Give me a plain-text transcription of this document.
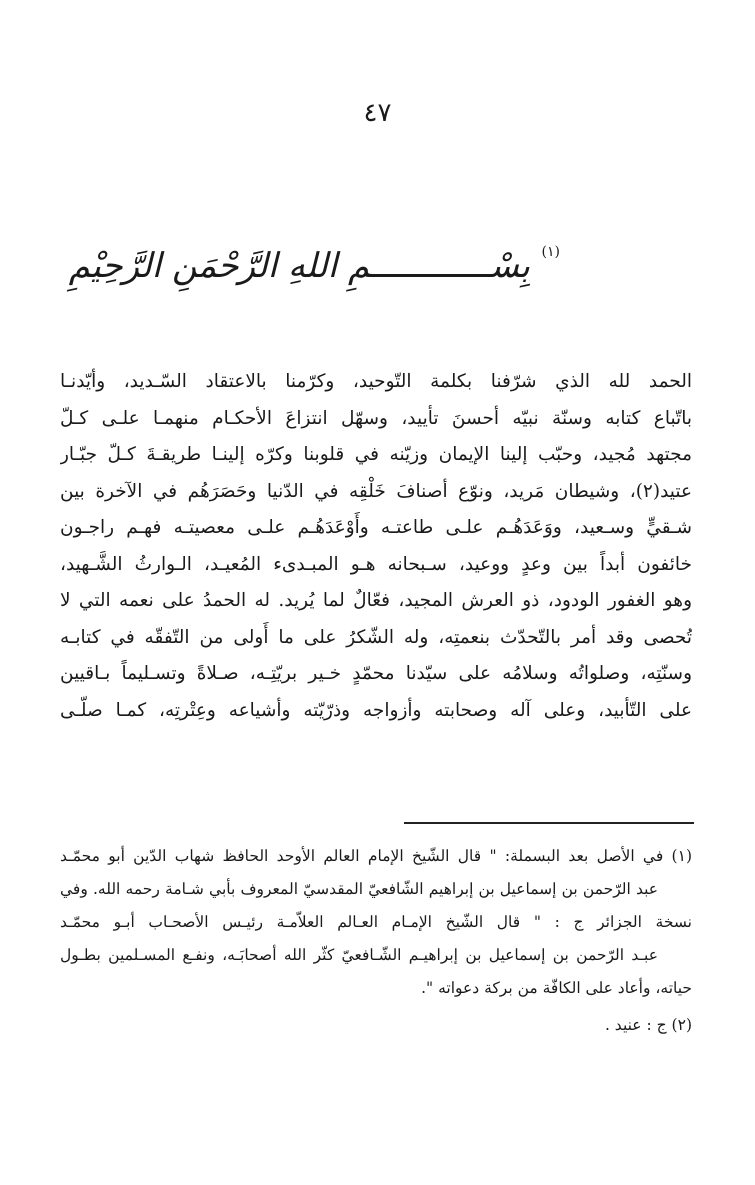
٤٧
بِسْــــــــــــمِ اللهِ الرَّحْمَنِ الرَّحِيْمِ (١)
الحمد لله الذي شرّفنا بكلمة التّوحيد، وكرّمنا بالاعتقاد السّـديد، وأيّدنـا
باتّباع كتابه وسنّة نبيّه أحسنَ تأييد، وسهّل انتزاعَ الأحكـام منهمـا علـى كـلّ
مجتهد مُجيد، وحبّب إلينا الإيمان وزيّنه في قلوبنا وكرّه إلينـا طريقـةَ كـلّ جبّـار
عتيد(٢)، وشيطان مَريد، ونوّع أصنافَ خَلْقِه في الدّنيا وحَصَرَهُم في الآخرة بين
شـقيٍّ وسـعيد، ووَعَدَهُـم علـى طاعتـه وأَوْعَدَهُـم علـى معصيتـه فهـم راجـون
خائفون أبداً بين وعدٍ ووعيد، سـبحانه هـو المبـدىء المُعيـد، الـوارثُ الشَّـهيد،
وهو الغفور الودود، ذو العرش المجيد، فعّالٌ لما يُريد. له الحمدُ على نعمه التي لا
تُحصى وقد أمر بالتّحدّث بنعمتِه، وله الشّكرُ على ما أَولى من التّفقّه في كتابـه
وسنّتِه، وصلواتُه وسلامُه على سيّدنا محمّدٍ خـير بريّتِـه، صـلاةً وتسـليماً بـاقيين
على التّأبيد، وعلى آله وصحابته وأزواجه وذرّيّته وأشياعه وعِتْرتِه، كمـا صلّـى
(١) في الأصل بعد البسملة: " قال الشّيخ الإمام العالم الأوحد الحافظ شهاب الدّين أبو محمّـد
عبد الرّحمن بن إسماعيل بن إبراهيم الشّافعيّ المقدسيّ المعروف بأبي شـامة رحمه الله. وفي
نسخة الجزائر ج : " قال الشّيخ الإمـام العـالم العلاّمـة رئيـس الأصحـاب أبـو محمّـد
عبـد الرّحمن بن إسماعيل بن إبراهيـم الشّـافعيّ كثّر الله أصحابَـه، ونفـع المسـلمين بطـول
حياته، وأعاد على الكافّة من بركة دعواته ".
(٢) ج : عنيد .
